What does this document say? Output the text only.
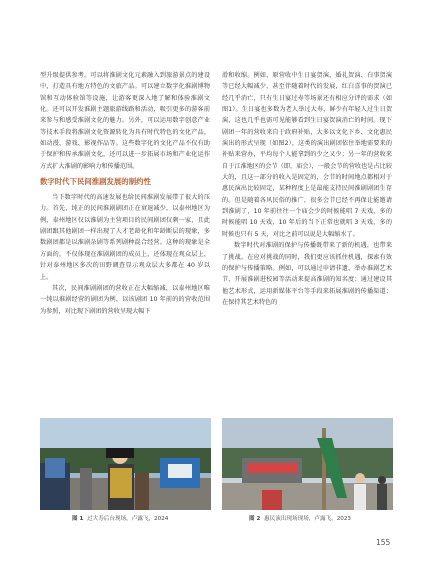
型升级提供参考。可以将淮剧文化元素融入到旅游景点的建设中，打造具有地方特色的文旅产品。可以建立数字化淮剧博物馆和互动体验馆等设施，让游客更深入地了解和体验淮剧文化。还可以开发淮剧主题旅游线路和活动，吸引更多的游客前来参与和感受淮剧文化的魅力。另外，可以运用数字创意产业等技术手段将淮剧文化资源转化为具有时代特色的文化产品，如动漫、游戏、影视作品等。这些数字化的文化产品不仅有助于保护和传承淮剧文化，还可以进一步拓展市场和产业化运作方式扩大淮剧的影响力和传播范围。

数字时代下民间淮剧发展的制约性

当下数字时代的高速发展也给民间淮剧发展带了很大的压力。首先，纯正的民间淮剧剧团正在衰退减少，以泰州地区为例，泰州地区仅以淮剧为主营项目的民间剧团仅剩一家，且此剧团跟其他剧团一样出现了人才老龄化和年龄断层的现象，多数剧团都是以淮剧杂剧等系列剧种混合经营。这种的现象是全方面的，不仅体现在淮剧剧团的成员上，还体现在观众层上，针对泰州地区多次的田野调查显示观众层大多都在 40 岁以上。

其次，民间淮剧剧团的营收正在大幅缩减，以泰州地区唯一纯以淮剧经营的剧团为例，以该剧团 10 年前的的营收范围为参照，对比现下剧团的营收呈现大幅下

滑和收缩。例如，原营收中生日宴贺演、婚礼贺演、白事贺演等已经大幅减少，甚至伴随着时代的发展，红白喜事的贺演已经几乎消亡，只有生日宴过寿等场景还有相应分评的需求（如图1）。生日宴也多数为老人举过大寿，鲜少有年轻人过生日贺演，这也几乎也需可见能够看到生日宴贺演消亡的时间。现下剧团一年的营收来自于政府补贴，大多以文化下乡、文化惠民演出的形式呈现（如图2），这类的演出剧团依住举地需要来的补贴来营办，平均每个人能拿到的少之又少；另一年的营收来自于江淮地区的会节（即，庙会），一般会节的营收也是占比较大的，且这一部分的收入是固定的，会节的时间地点都相对于惠民演出比较固定，某种程度上是最能支持民间淮剧剧团生存的。但是随着各风民俗的推广，很多会节已经不再保让能邀请到淮剧了，10 年前往往一个庙会少的时候能唱 7 天戏，多的时候能唱 10 天戏，10 年后的当下正常也就唱 3 天戏，多的时候也只有 5 天，对比之前可以说是大幅缩水了。

数字时代对淮剧的保护与传播既带来了新的机遇，也带来了挑战。在应对挑战的同时，我们更应该抓住机遇，探索有效的保护与传播策略。例如，可以通过申请非遗、举办淮剧艺术节、开展淮剧进校园等活动来提高淮剧的知名度；通过建设其他艺术形式，运用新媒体平台等手段来拓展淮剧的传播渠道；在保持其艺术特色的

图 1 过大寿后台现场，卢露飞，2024	图 2 惠民演出现场现场，卢露飞，2023
155
